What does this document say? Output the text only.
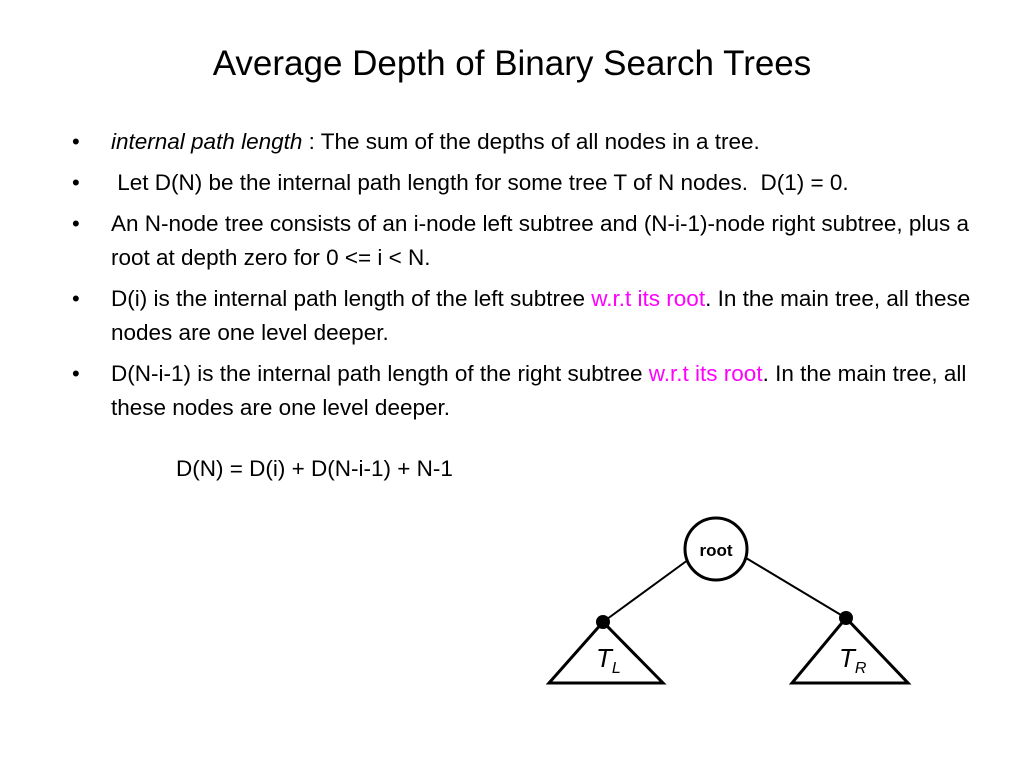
Average Depth of Binary Search Trees
•	internal path length : The sum of the depths of all nodes in a tree.
•	Let D(N) be the internal path length for some tree T of N nodes.  D(1) = 0.
•	An N-node tree consists of an i-node left subtree and (N-i-1)-node right subtree, plus a root at depth zero for 0 <= i < N.
•	D(i) is the internal path length of the left subtree w.r.t its root. In the main tree, all these nodes are one level deeper.
•	D(N-i-1) is the internal path length of the right subtree w.r.t its root. In the main tree, all these nodes are one level deeper.
D(N) = D(i) + D(N-i-1) + N-1
root
$T_L$	$T_R$
